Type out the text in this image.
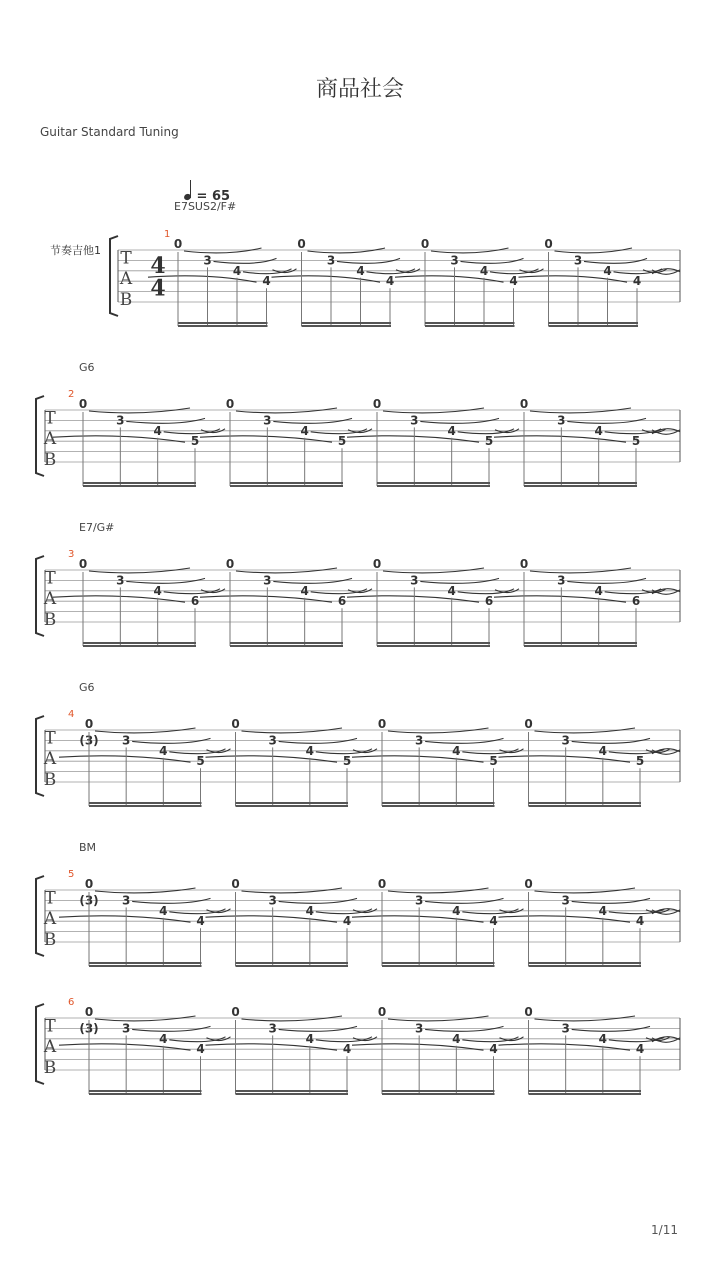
商品社会
Guitar Standard Tuning
= 65
节奏吉他1
E7SUS2/F#
G6
E7/G#
G6
BM
T
A
B
4
4
1
0
3
4
4
0
3
4
4
0
3
4
4
0
3
4
4
T
A
B
2
0
3
4
5
0
3
4
5
0
3
4
5
0
3
4
5
T
A
B
3
0
3
4
6
0
3
4
6
0
3
4
6
0
3
4
6
T
A
B
4
0
(3) 3
4
5
0
3
4
5
0
3
4
5
0
3
4
5
T
A
B
5
0
(3) 3
4
4
0
3
4
4
0
3
4
4
0
3
4
4
T
A
B
6
0
(3) 3
4
4
0
3
4
4
0
3
4
4
0
3
4
4
1/11
